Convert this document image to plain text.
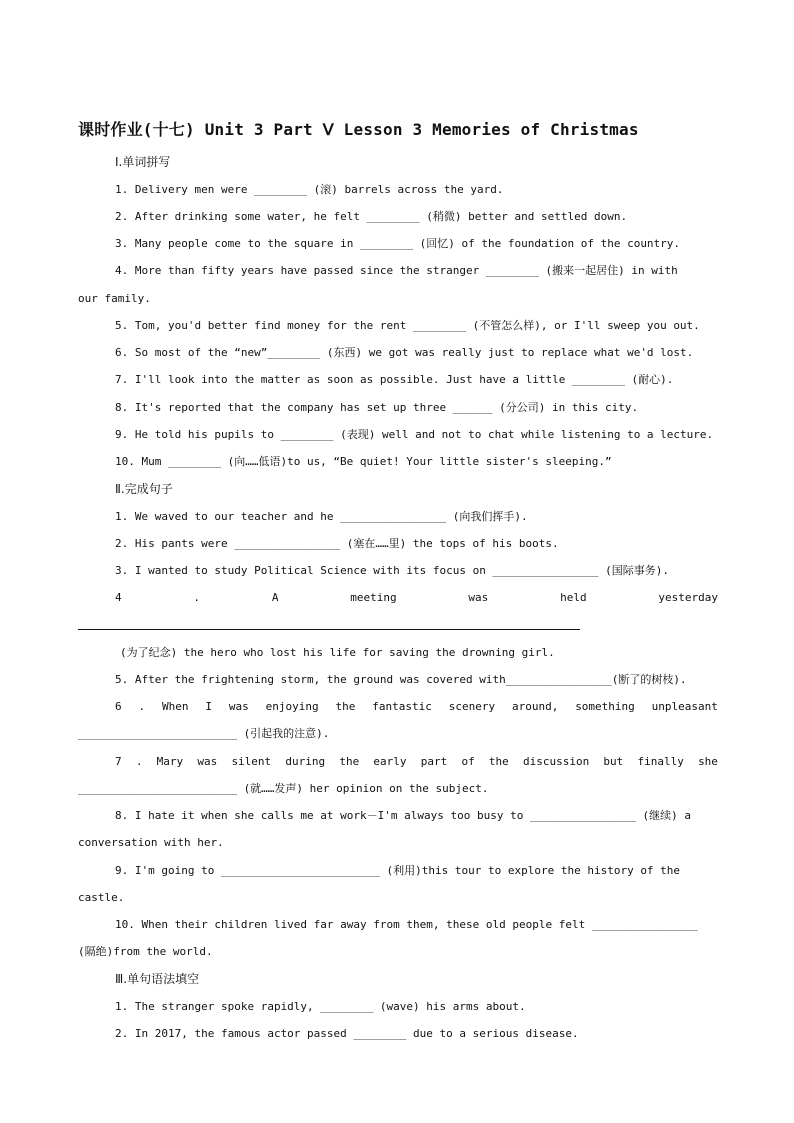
课时作业(十七) Unit 3 Part Ⅴ Lesson 3 Memories of Christmas
Ⅰ.单词拼写
1. Delivery men were ________ (滚) barrels across the yard.
2. After drinking some water, he felt ________ (稍微) better and settled down.
3. Many people come to the square in ________ (回忆) of the foundation of the country.
4. More than fifty years have passed since the stranger ________ (搬来一起居住) in with
our family.
5. Tom, you'd better find money for the rent ________ (不管怎么样), or I'll sweep you out.
6. So most of the “new”________ (东西) we got was really just to replace what we'd lost.
7. I'll look into the matter as soon as possible. Just have a little ________ (耐心).
8. It's reported that the company has set up three ______ (分公司) in this city.
9. He told his pupils to ________ (表现) well and not to chat while listening to a lecture.
10. Mum ________ (向……低语)to us, “Be quiet! Your little sister's sleeping.”
Ⅱ.完成句子
1. We waved to our teacher and he ________________ (向我们挥手).
2. His pants were ________________ (塞在……里) the tops of his boots.
3. I wanted to study Political Science with its focus on ________________ (国际事务).
4	.	A	meeting	was	held	yesterday
(为了纪念) the hero who lost his life for saving the drowning girl.
5. After the frightening storm, the ground was covered with________________(断了的树枝).
6 . When I was enjoying the fantastic scenery around, something unpleasant
________________________ (引起我的注意).
7 . Mary was silent during the early part of the discussion but finally she
________________________ (就……发声) her opinion on the subject.
8. I hate it when she calls me at work－I'm always too busy to ________________ (继续) a
conversation with her.
9. I'm going to ________________________ (利用)this tour to explore the history of the
castle.
10. When their children lived far away from them, these old people felt ________________
(隔绝)from the world.
Ⅲ.单句语法填空
1. The stranger spoke rapidly, ________ (wave) his arms about.
2. In 2017, the famous actor passed ________ due to a serious disease.
